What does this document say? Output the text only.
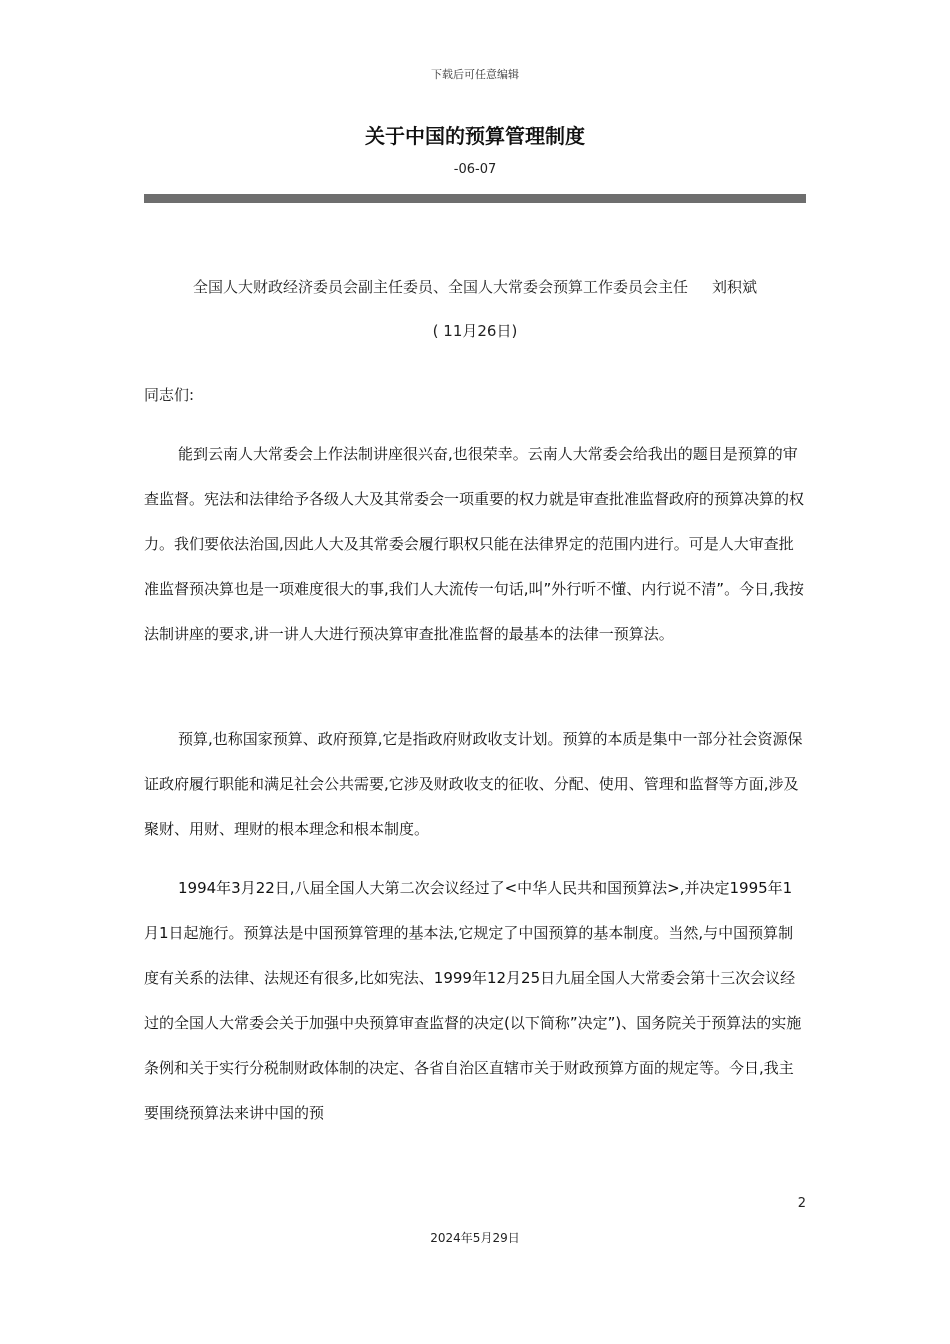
下载后可任意编辑
关于中国的预算管理制度
-06-07
全国人大财政经济委员会副主任委员、全国人大常委会预算工作委员会主任 刘积斌
( 11月26日)
同志们:

能到云南人大常委会上作法制讲座很兴奋,也很荣幸。云南人大常委会给我出的题目是预算的审查监督。宪法和法律给予各级人大及其常委会一项重要的权力就是审查批准监督政府的预算决算的权力。我们要依法治国,因此人大及其常委会履行职权只能在法律界定的范围内进行。可是人大审查批准监督预决算也是一项难度很大的事,我们人大流传一句话,叫”外行听不懂、内行说不清”。今日,我按法制讲座的要求,讲一讲人大进行预决算审查批准监督的最基本的法律一预算法。

预算,也称国家预算、政府预算,它是指政府财政收支计划。预算的本质是集中一部分社会资源保证政府履行职能和满足社会公共需要,它涉及财政收支的征收、分配、使用、管理和监督等方面,涉及聚财、用财、理财的根本理念和根本制度。

1994年3月22日,八届全国人大第二次会议经过了<中华人民共和国预算法>,并决定1995年1月1日起施行。预算法是中国预算管理的基本法,它规定了中国预算的基本制度。当然,与中国预算制度有关系的法律、法规还有很多,比如宪法、1999年12月25日九届全国人大常委会第十三次会议经过的全国人大常委会关于加强中央预算审查监督的决定(以下简称”决定”)、国务院关于预算法的实施条例和关于实行分税制财政体制的决定、各省自治区直辖市关于财政预算方面的规定等。今日,我主要围绕预算法来讲中国的预

2
2024年5月29日
